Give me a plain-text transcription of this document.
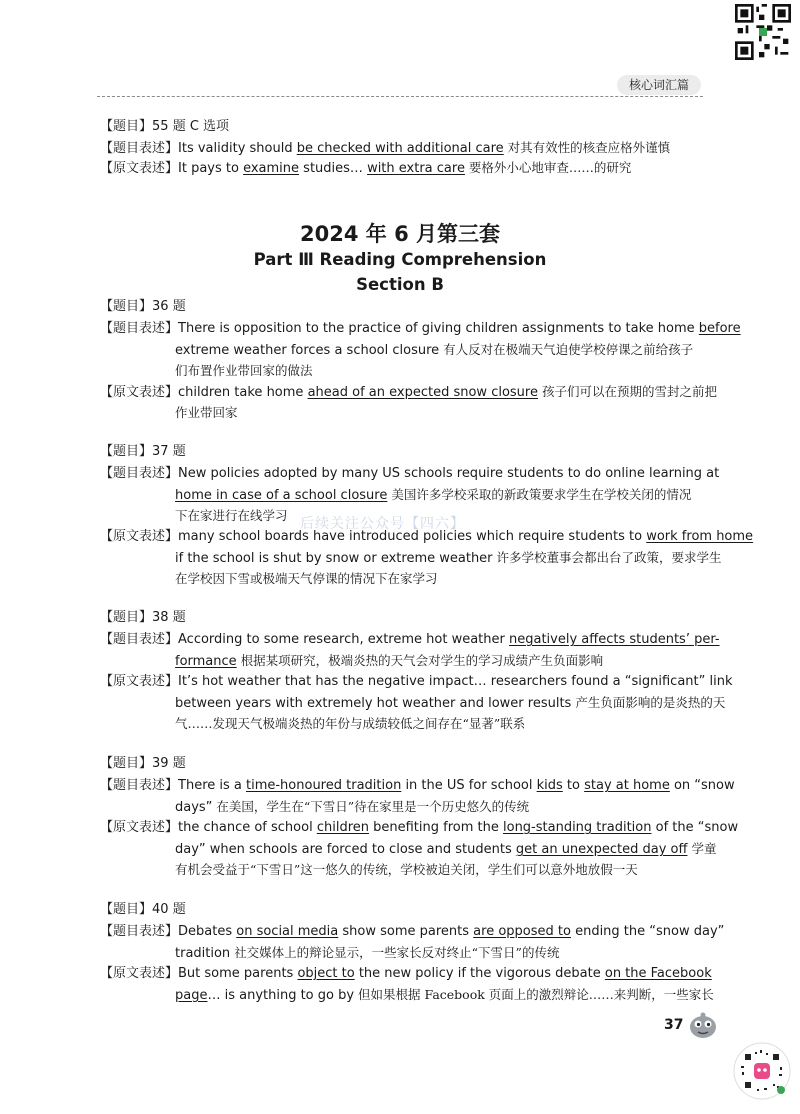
核心词汇篇
【题目】55 题 C 选项
【题目表述】Its validity should be checked with additional care 对其有效性的核查应格外谨慎
【原文表述】It pays to examine studies… with extra care 要格外小心地审查……的研究
2024 年 6 月第三套
Part Ⅲ Reading Comprehension
Section B
【题目】36 题
【题目表述】There is opposition to the practice of giving children assignments to take home before
extreme weather forces a school closure 有人反对在极端天气迫使学校停课之前给孩子
们布置作业带回家的做法
【原文表述】children take home ahead of an expected snow closure 孩子们可以在预期的雪封之前把
作业带回家
【题目】37 题
【题目表述】New policies adopted by many US schools require students to do online learning at
home in case of a school closure 美国许多学校采取的新政策要求学生在学校关闭的情况
下在家进行在线学习
【原文表述】many school boards have introduced policies which require students to work from home
if the school is shut by snow or extreme weather 许多学校董事会都出台了政策，要求学生
在学校因下雪或极端天气停课的情况下在家学习
【题目】38 题
【题目表述】According to some research, extreme hot weather negatively affects students’ per-
formance 根据某项研究，极端炎热的天气会对学生的学习成绩产生负面影响
【原文表述】It’s hot weather that has the negative impact… researchers found a “significant” link
between years with extremely hot weather and lower results 产生负面影响的是炎热的天
气……发现天气极端炎热的年份与成绩较低之间存在“显著”联系
【题目】39 题
【题目表述】There is a time-honoured tradition in the US for school kids to stay at home on “snow
days” 在美国，学生在“下雪日”待在家里是一个历史悠久的传统
【原文表述】the chance of school children benefiting from the long-standing tradition of the “snow
day” when schools are forced to close and students get an unexpected day off 学童
有机会受益于“下雪日”这一悠久的传统，学校被迫关闭，学生们可以意外地放假一天
【题目】40 题
【题目表述】Debates on social media show some parents are opposed to ending the “snow day”
tradition 社交媒体上的辩论显示，一些家长反对终止“下雪日”的传统
【原文表述】But some parents object to the new policy if the vigorous debate on the Facebook
page… is anything to go by 但如果根据 Facebook 页面上的激烈辩论……来判断，一些家长
后续关注公众号【四六】
37
